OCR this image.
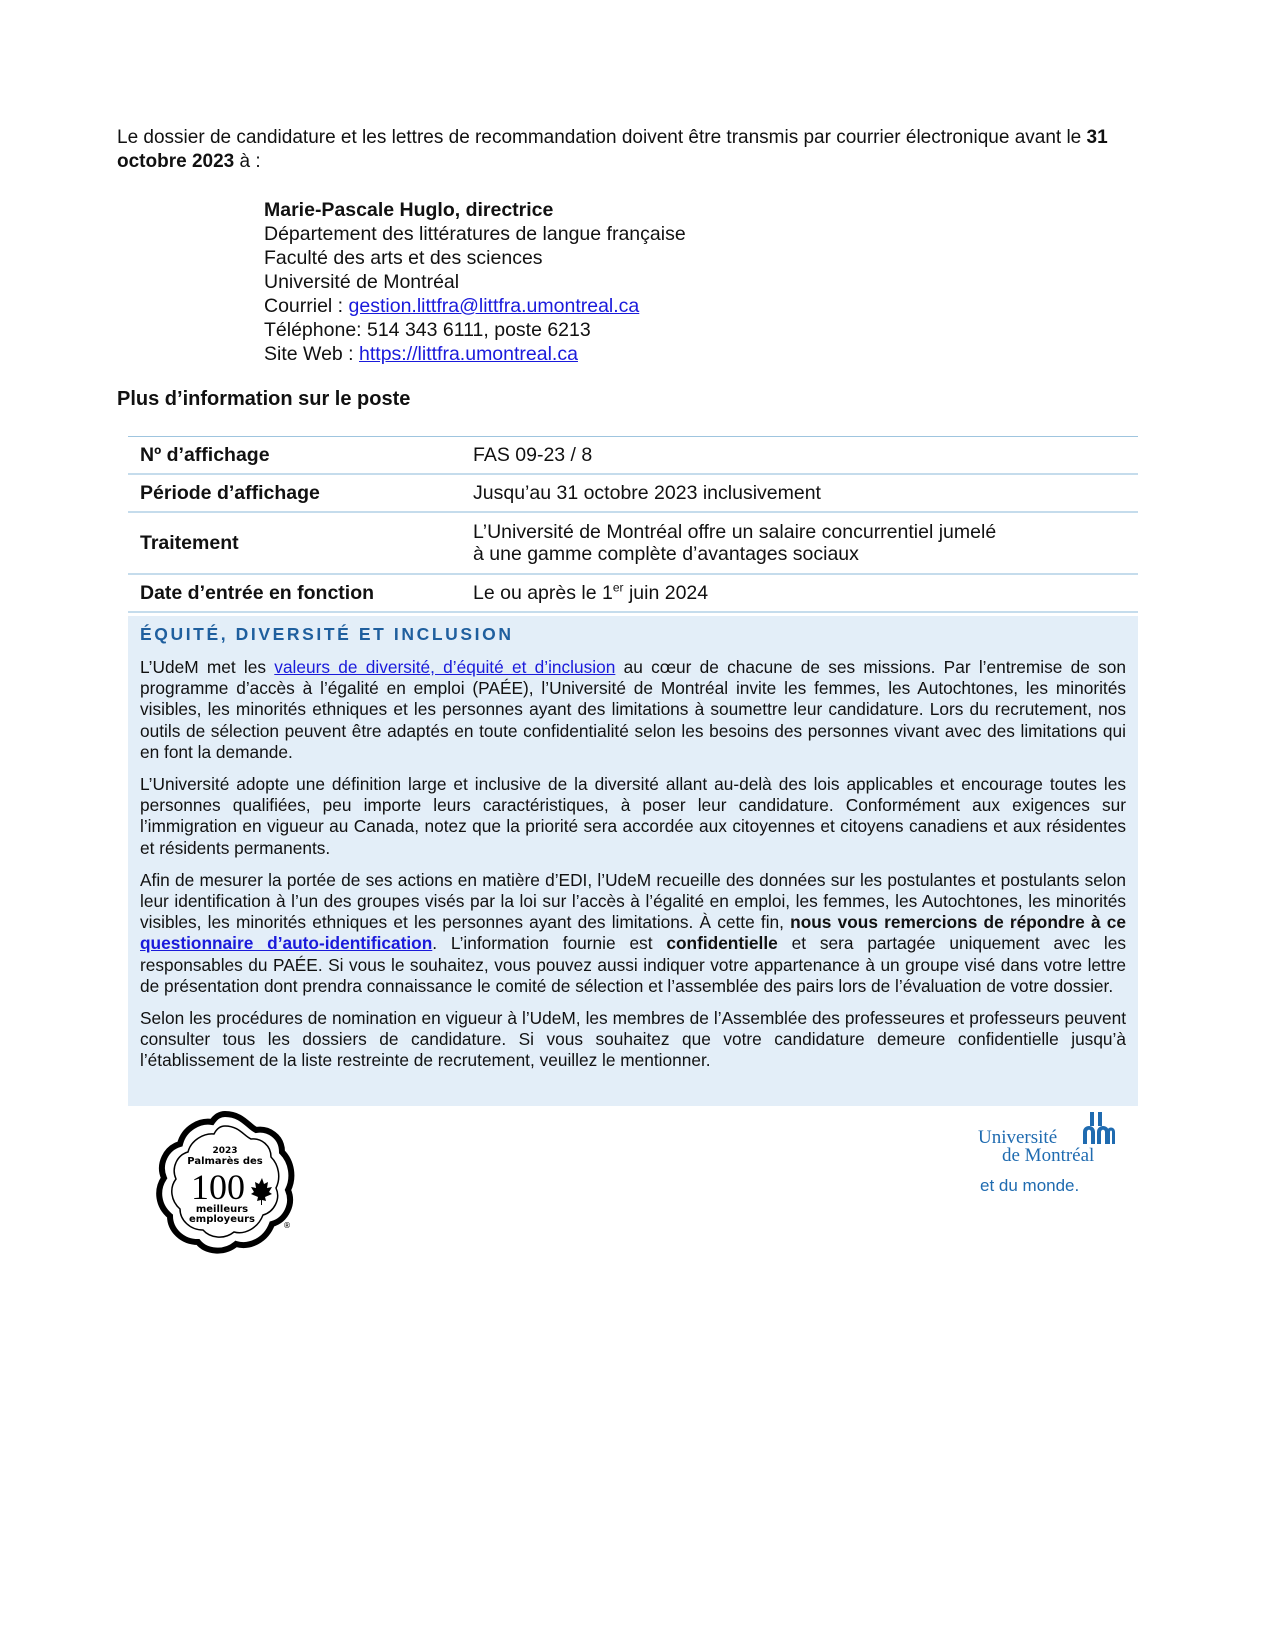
Le dossier de candidature et les lettres de recommandation doivent être transmis par courrier électronique avant le 31 octobre 2023 à :
Marie-Pascale Huglo, directrice
Département des littératures de langue française
Faculté des arts et des sciences
Université de Montréal
Courriel : gestion.littfra@littfra.umontreal.ca
Téléphone: 514 343 6111, poste 6213
Site Web : https://littfra.umontreal.ca
Plus d’information sur le poste
Nº d’affichage	FAS 09-23 / 8
Période d’affichage	Jusqu’au 31 octobre 2023 inclusivement
Traitement	L’Université de Montréal offre un salaire concurrentiel jumelé
à une gamme complète d’avantages sociaux
Date d’entrée en fonction	Le ou après le 1er juin 2024
ÉQUITÉ, DIVERSITÉ ET INCLUSION

L’UdeM met les valeurs de diversité, d’équité et d’inclusion au cœur de chacune de ses missions. Par l’entremise de son programme d’accès à l’égalité en emploi (PAÉE), l’Université de Montréal invite les femmes, les Autochtones, les minorités visibles, les minorités ethniques et les personnes ayant des limitations à soumettre leur candidature. Lors du recrutement, nos outils de sélection peuvent être adaptés en toute confidentialité selon les besoins des personnes vivant avec des limitations qui en font la demande.

L’Université adopte une définition large et inclusive de la diversité allant au-delà des lois applicables et encourage toutes les personnes qualifiées, peu importe leurs caractéristiques, à poser leur candidature. Conformément aux exigences sur l’immigration en vigueur au Canada, notez que la priorité sera accordée aux citoyennes et citoyens canadiens et aux résidentes et résidents permanents.

Afin de mesurer la portée de ses actions en matière d’EDI, l’UdeM recueille des données sur les postulantes et postulants selon leur identification à l’un des groupes visés par la loi sur l’accès à l’égalité en emploi, les femmes, les Autochtones, les minorités visibles, les minorités ethniques et les personnes ayant des limitations. À cette fin, nous vous remercions de répondre à ce questionnaire d’auto-identification. L’information fournie est confidentielle et sera partagée uniquement avec les responsables du PAÉE. Si vous le souhaitez, vous pouvez aussi indiquer votre appartenance à un groupe visé dans votre lettre de présentation dont prendra connaissance le comité de sélection et l’assemblée des pairs lors de l’évaluation de votre dossier.

Selon les procédures de nomination en vigueur à l’UdeM, les membres de l’Assemblée des professeures et professeurs peuvent consulter tous les dossiers de candidature. Si vous souhaitez que votre candidature demeure confidentielle jusqu’à l’établissement de la liste restreinte de recrutement, veuillez le mentionner.

2023
Palmarès des
100
meilleurs
employeurs
®
Université
de Montréal
et du monde.
